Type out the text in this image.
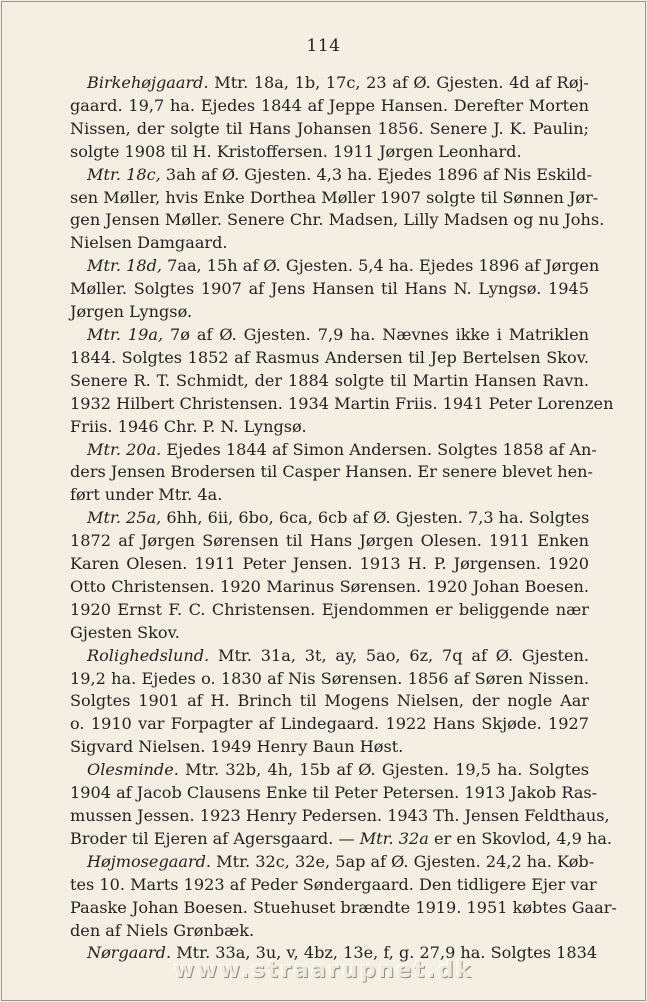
114
Birkehøjgaard. Mtr. 18a, 1b, 17c, 23 af Ø. Gjesten. 4d af Røj-
gaard. 19,7 ha. Ejedes 1844 af Jeppe Hansen. Derefter Morten
Nissen, der solgte til Hans Johansen 1856. Senere J. K. Paulin;
solgte 1908 til H. Kristoffersen. 1911 Jørgen Leonhard.
Mtr. 18c, 3ah af Ø. Gjesten. 4,3 ha. Ejedes 1896 af Nis Eskild-
sen Møller, hvis Enke Dorthea Møller 1907 solgte til Sønnen Jør-
gen Jensen Møller. Senere Chr. Madsen, Lilly Madsen og nu Johs.
Nielsen Damgaard.
Mtr. 18d, 7aa, 15h af Ø. Gjesten. 5,4 ha. Ejedes 1896 af Jørgen
Møller. Solgtes 1907 af Jens Hansen til Hans N. Lyngsø. 1945
Jørgen Lyngsø.
Mtr. 19a, 7ø af Ø. Gjesten. 7,9 ha. Nævnes ikke i Matriklen
1844. Solgtes 1852 af Rasmus Andersen til Jep Bertelsen Skov.
Senere R. T. Schmidt, der 1884 solgte til Martin Hansen Ravn.
1932 Hilbert Christensen. 1934 Martin Friis. 1941 Peter Lorenzen
Friis. 1946 Chr. P. N. Lyngsø.
Mtr. 20a. Ejedes 1844 af Simon Andersen. Solgtes 1858 af An-
ders Jensen Brodersen til Casper Hansen. Er senere blevet hen-
ført under Mtr. 4a.
Mtr. 25a, 6hh, 6ii, 6bo, 6ca, 6cb af Ø. Gjesten. 7,3 ha. Solgtes
1872 af Jørgen Sørensen til Hans Jørgen Olesen. 1911 Enken
Karen Olesen. 1911 Peter Jensen. 1913 H. P. Jørgensen. 1920
Otto Christensen. 1920 Marinus Sørensen. 1920 Johan Boesen.
1920 Ernst F. C. Christensen. Ejendommen er beliggende nær
Gjesten Skov.
Rolighedslund. Mtr. 31a, 3t, ay, 5ao, 6z, 7q af Ø. Gjesten.
19,2 ha. Ejedes o. 1830 af Nis Sørensen. 1856 af Søren Nissen.
Solgtes 1901 af H. Brinch til Mogens Nielsen, der nogle Aar
o. 1910 var Forpagter af Lindegaard. 1922 Hans Skjøde. 1927
Sigvard Nielsen. 1949 Henry Baun Høst.
Olesminde. Mtr. 32b, 4h, 15b af Ø. Gjesten. 19,5 ha. Solgtes
1904 af Jacob Clausens Enke til Peter Petersen. 1913 Jakob Ras-
mussen Jessen. 1923 Henry Pedersen. 1943 Th. Jensen Feldthaus,
Broder til Ejeren af Agersgaard. — Mtr. 32a er en Skovlod, 4,9 ha.
Højmosegaard. Mtr. 32c, 32e, 5ap af Ø. Gjesten. 24,2 ha. Køb-
tes 10. Marts 1923 af Peder Søndergaard. Den tidligere Ejer var
Paaske Johan Boesen. Stuehuset brændte 1919. 1951 købtes Gaar-
den af Niels Grønbæk.
Nørgaard. Mtr. 33a, 3u, v, 4bz, 13e, f, g. 27,9 ha. Solgtes 1834
www.straarupnet.dk
